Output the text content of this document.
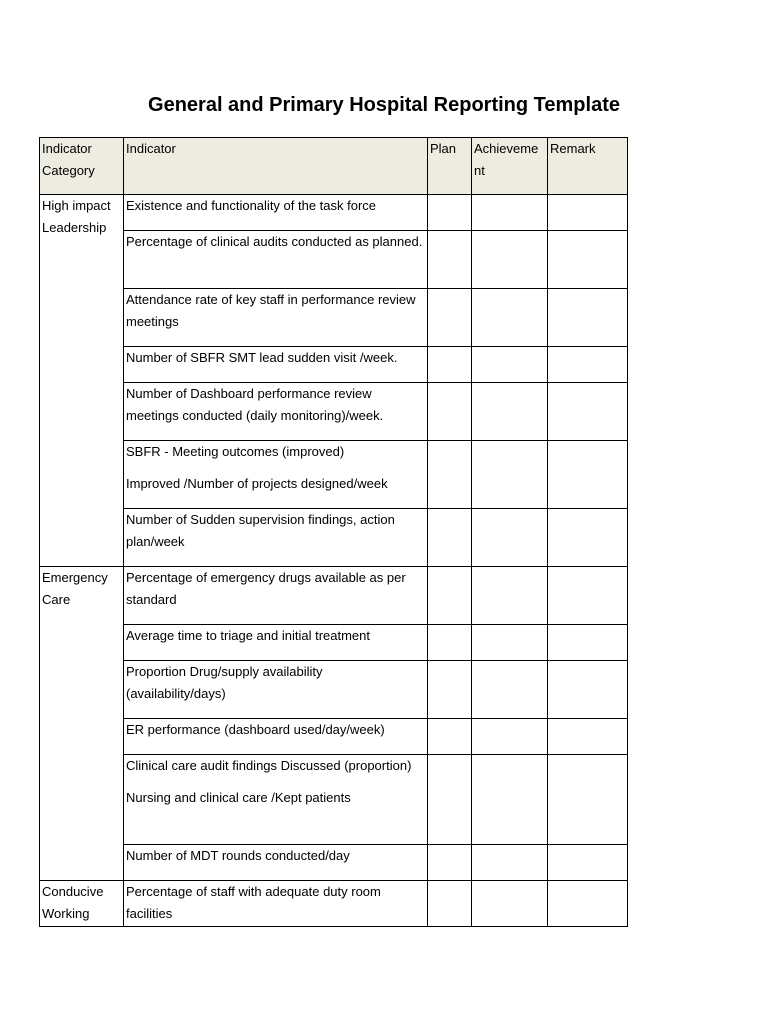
General and Primary Hospital Reporting Template
Indicator Category	Indicator	Plan	Achievement	Remark
High impact Leadership	Existence and functionality of the task force			
	Percentage of clinical audits conducted as planned.			
	Attendance rate of key staff in performance review meetings			
	Number of SBFR SMT lead sudden visit /week.			
	Number of Dashboard performance review meetings conducted (daily monitoring)/week.			
	SBFR - Meeting outcomes (improved)
Improved /Number of projects designed/week			

	Number of Sudden supervision findings, action plan/week			
Emergency Care	Percentage of emergency drugs available as per standard			
	Average time to triage and initial treatment			
	Proportion Drug/supply availability (availability/days)			
	ER performance (dashboard used/day/week)			
	Clinical care audit findings Discussed (proportion)
Nursing and clinical care /Kept patients			

	Number of MDT rounds conducted/day			
Conducive Working	Percentage of staff with adequate duty room facilities			
